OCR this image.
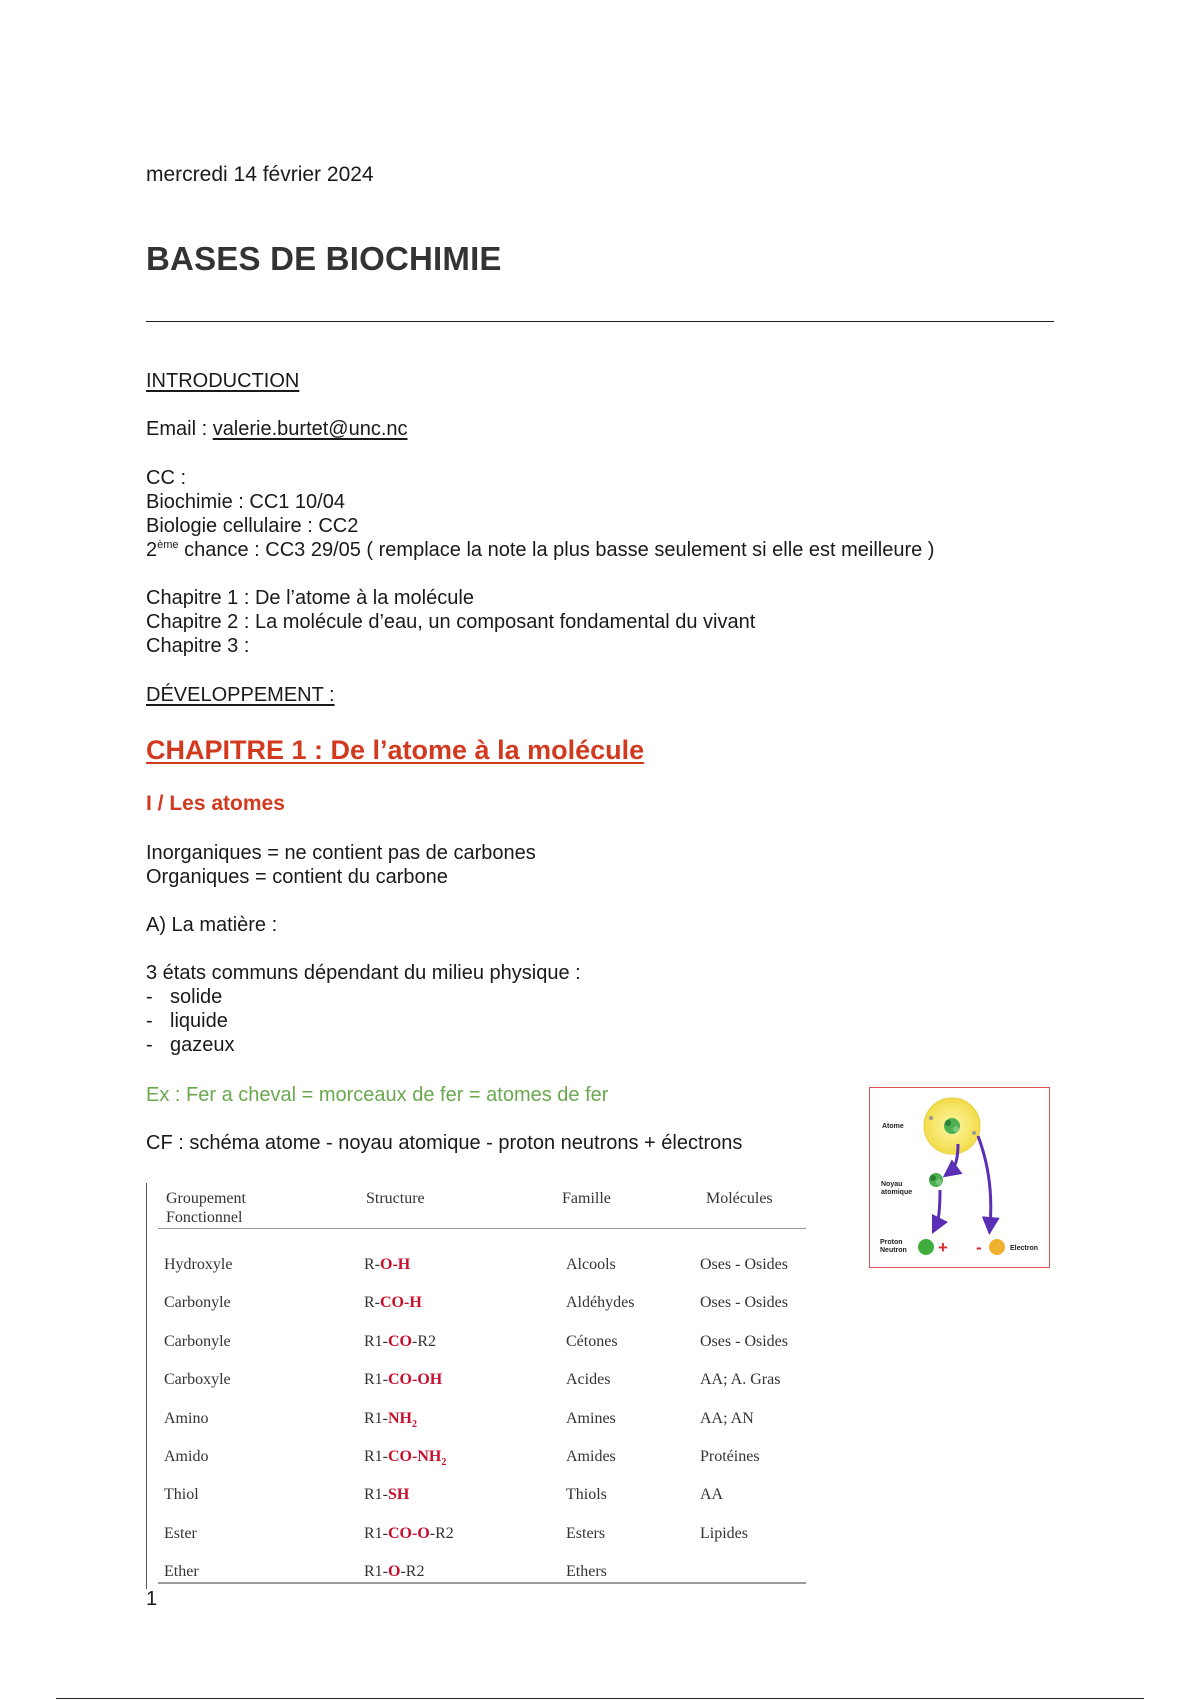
mercredi 14 février 2024
BASES DE BIOCHIMIE
INTRODUCTION
Email : valerie.burtet@unc.nc
CC :
Biochimie : CC1 10/04
Biologie cellulaire : CC2
2ème chance : CC3 29/05 ( remplace la note la plus basse seulement si elle est meilleure )
Chapitre 1 : De l’atome à la molécule
Chapitre 2 : La molécule d’eau, un composant fondamental du vivant
Chapitre 3 :
DÉVELOPPEMENT :
CHAPITRE 1 : De l’atome à la molécule
I / Les atomes
Inorganiques = ne contient pas de carbones
Organiques = contient du carbone
A) La matière :
3 états communs dépendant du milieu physique :
- solide
- liquide
- gazeux
Ex : Fer a cheval = morceaux de fer = atomes de fer
CF : schéma atome - noyau atomique - proton neutrons + électrons
Atome
Noyau
atomique
Proton
Neutron + -	Electron
Groupement
Fonctionnel
Structure	Famille	Molécules
Hydroxyle	R-O-H	Alcools	Oses - Osides
Carbonyle	R-CO-H	Aldéhydes	Oses - Osides
Carbonyle	R1-CO-R2	Cétones	Oses - Osides
Carboxyle	R1-CO-OH	Acides	AA; A. Gras
Amino	$R1-NH_2$	Amines	AA; AN
Amido	$R1-CO-NH_2$	Amides	Protéines
Thiol	R1-SH	Thiols	AA
Ester	R1-CO-O-R2	Esters	Lipides
Ether	R1-O-R2	Ethers
1
